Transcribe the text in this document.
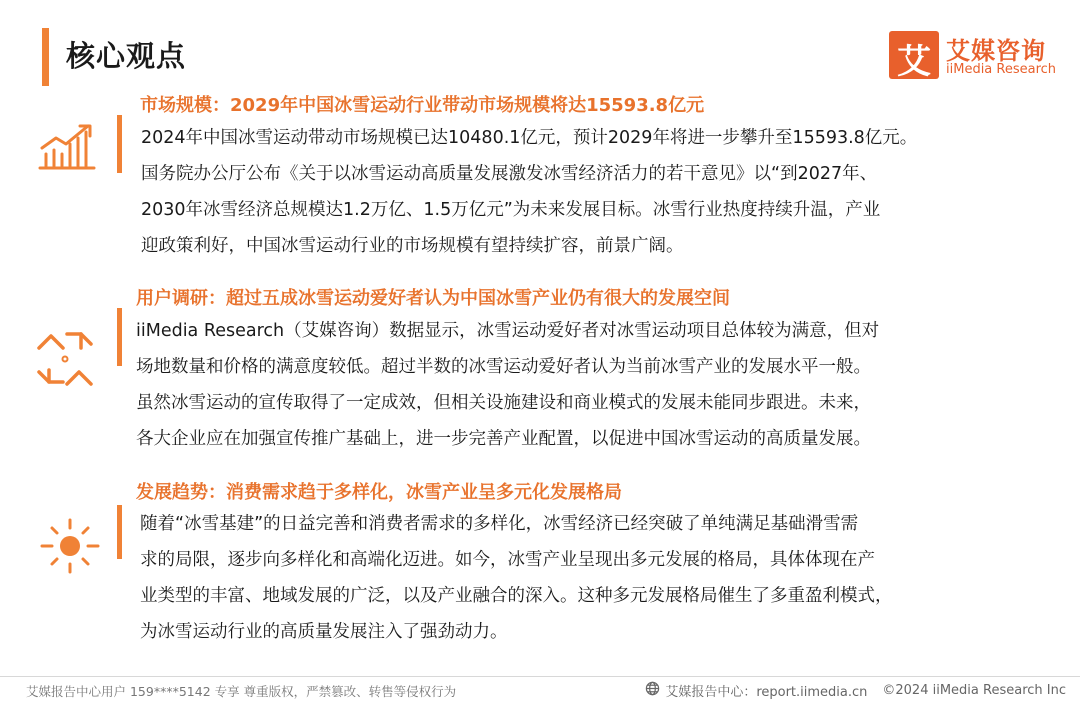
核心观点	艾 艾媒咨询
iiMedia Research
市场规模：2029年中国冰雪运动行业带动市场规模将达15593.8亿元
2024年中国冰雪运动带动市场规模已达10480.1亿元，预计2029年将进一步攀升至15593.8亿元。
国务院办公厅公布《关于以冰雪运动高质量发展激发冰雪经济活力的若干意见》以“到2027年、
2030年冰雪经济总规模达1.2万亿、1.5万亿元”为未来发展目标。冰雪行业热度持续升温，产业
迎政策利好，中国冰雪运动行业的市场规模有望持续扩容，前景广阔。
用户调研：超过五成冰雪运动爱好者认为中国冰雪产业仍有很大的发展空间
iiMedia Research（艾媒咨询）数据显示，冰雪运动爱好者对冰雪运动项目总体较为满意，但对
场地数量和价格的满意度较低。超过半数的冰雪运动爱好者认为当前冰雪产业的发展水平一般。
虽然冰雪运动的宣传取得了一定成效，但相关设施建设和商业模式的发展未能同步跟进。未来，
各大企业应在加强宣传推广基础上，进一步完善产业配置，以促进中国冰雪运动的高质量发展。
发展趋势：消费需求趋于多样化，冰雪产业呈多元化发展格局
随着“冰雪基建”的日益完善和消费者需求的多样化，冰雪经济已经突破了单纯满足基础滑雪需
求的局限，逐步向多样化和高端化迈进。如今，冰雪产业呈现出多元发展的格局，具体体现在产
业类型的丰富、地域发展的广泛，以及产业融合的深入。这种多元发展格局催生了多重盈利模式，
为冰雪运动行业的高质量发展注入了强劲动力。
艾媒报告中心用户 159****5142 专享 尊重版权，严禁篡改、转售等侵权行为	艾媒报告中心：report.iimedia.cn ©2024 iiMedia Research Inc
